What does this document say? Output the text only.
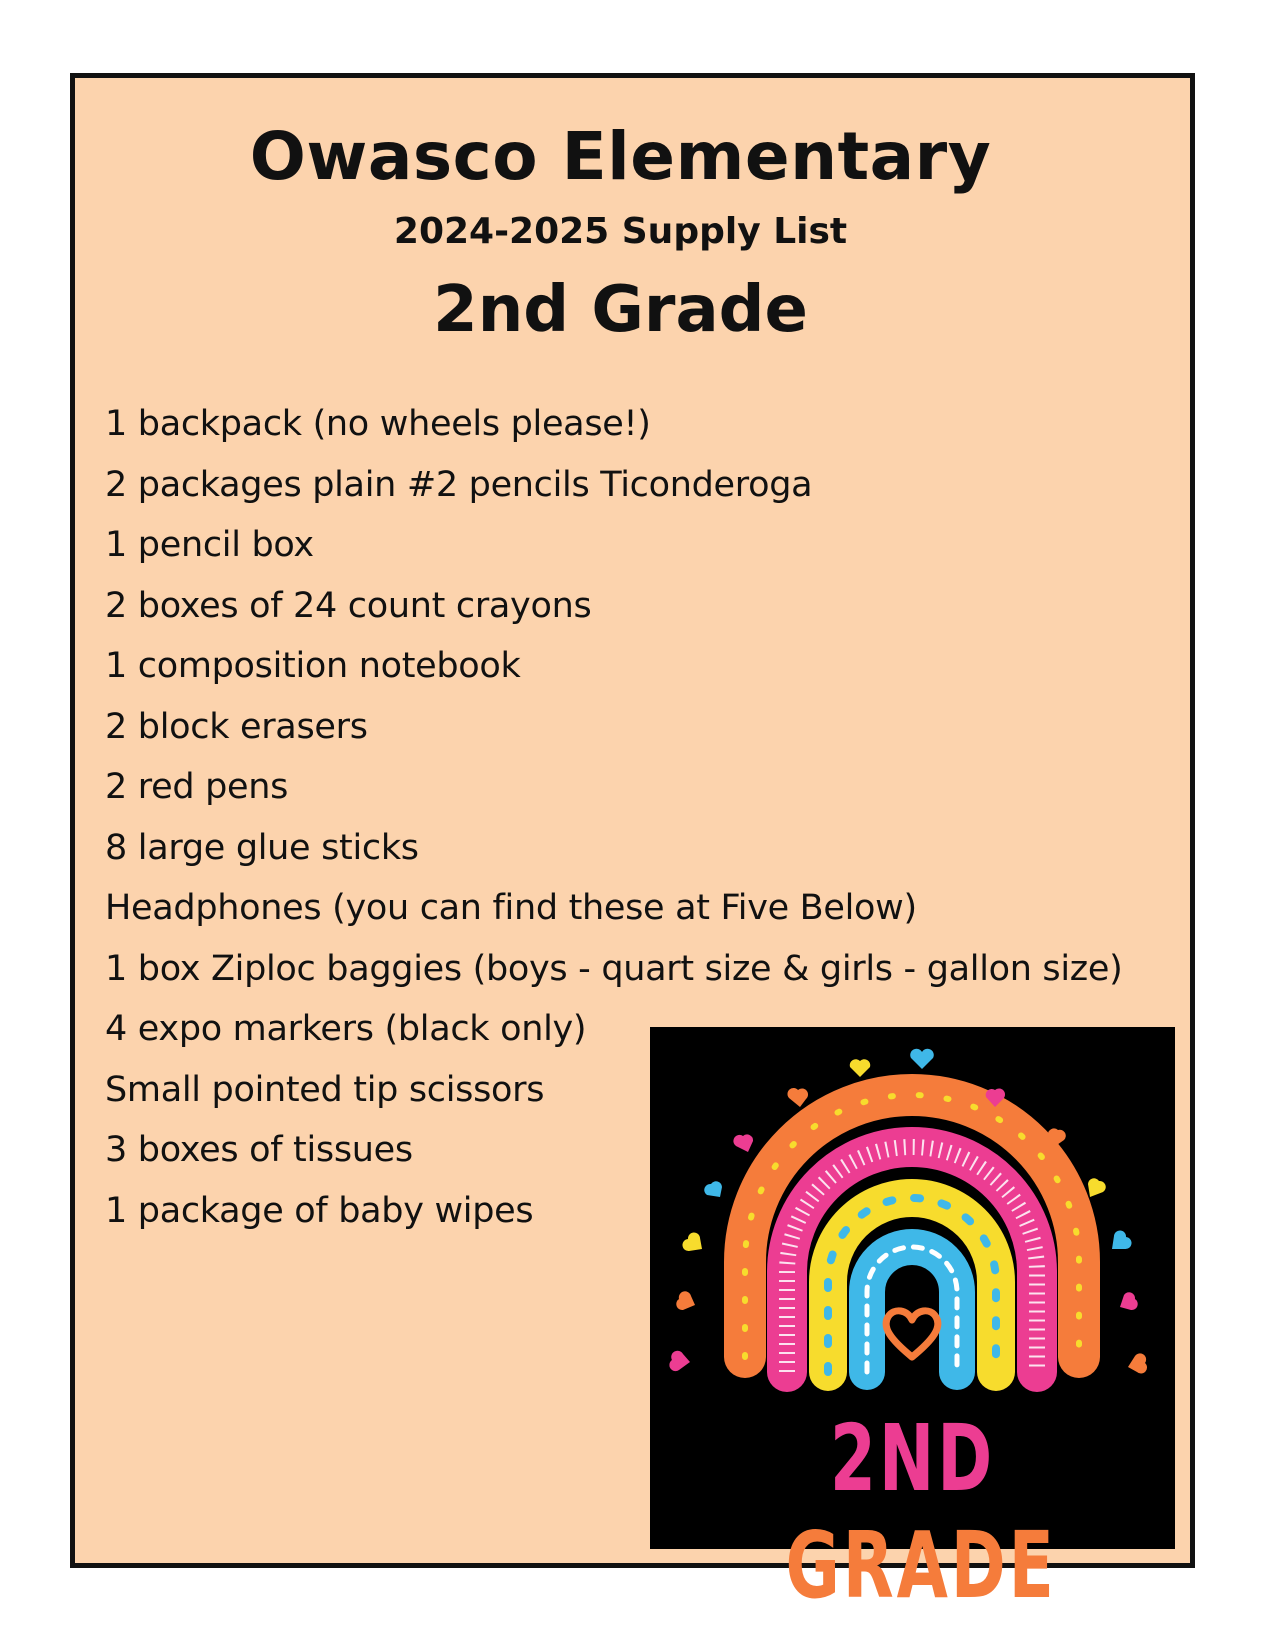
Owasco Elementary
2024-2025 Supply List
2nd Grade
1 backpack (no wheels please!)
2 packages plain #2 pencils Ticonderoga
1 pencil box
2 boxes of 24 count crayons
1 composition notebook
2 block erasers
2 red pens
8 large glue sticks
Headphones (you can find these at Five Below)
1 box Ziploc baggies (boys - quart size & girls - gallon size)
4 expo markers (black only)
Small pointed tip scissors
3 boxes of tissues
1 package of baby wipes
2ND GRADE
